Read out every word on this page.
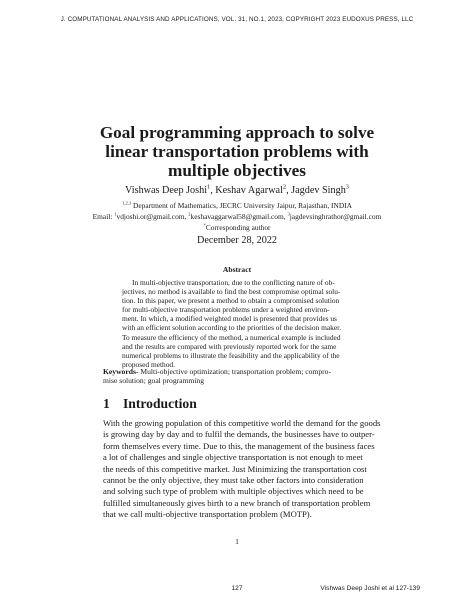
J. COMPUTATIONAL ANALYSIS AND APPLICATIONS, VOL. 31, NO.1, 2023, COPYRIGHT 2023 EUDOXUS PRESS, LLC
Goal programming approach to solve
linear transportation problems with
multiple objectives
Vishwas Deep Joshi$^1$, Keshav Agarwal$^2$, Jagdev Singh$^3$
$^{1,2,3}$ Department of Mathematics, JECRC University Jaipur, Rajasthan, INDIA
Email: $^1$vdjoshi.or@gmail.com, $^2$keshavaggarwal58@gmail.com, $^3$jagdevsinghrathor@gmail.com
*Corresponding author
December 28, 2022
Abstract
In multi-objective transportation, due to the conflicting nature of ob-
jectives, no method is available to find the best compromise optimal solu-
tion. In this paper, we present a method to obtain a compromised solution
for multi-objective transportation problems under a weighted environ-
ment. In which, a modified weighted model is presented that provides us
with an efficient solution according to the priorities of the decision maker.
To measure the efficiency of the method, a numerical example is included
and the results are compared with previously reported work for the same
numerical problems to illustrate the feasibility and the applicability of the
proposed method.
Keywords- Multi-objective optimization; transportation problem; compro-
mise solution; goal programming
1 Introduction
With the growing population of this competitive world the demand for the goods
is growing day by day and to fulfil the demands, the businesses have to outper-
form themselves every time. Due to this, the management of the business faces
a lot of challenges and single objective transportation is not enough to meet
the needs of this competitive market. Just Minimizing the transportation cost
cannot be the only objective, they must take other factors into consideration
and solving such type of problem with multiple objectives which need to be
fulfilled simultaneously gives birth to a new branch of transportation problem
that we call multi-objective transportation problem (MOTP).
1
127	Vishwas Deep Joshi et al 127-139
